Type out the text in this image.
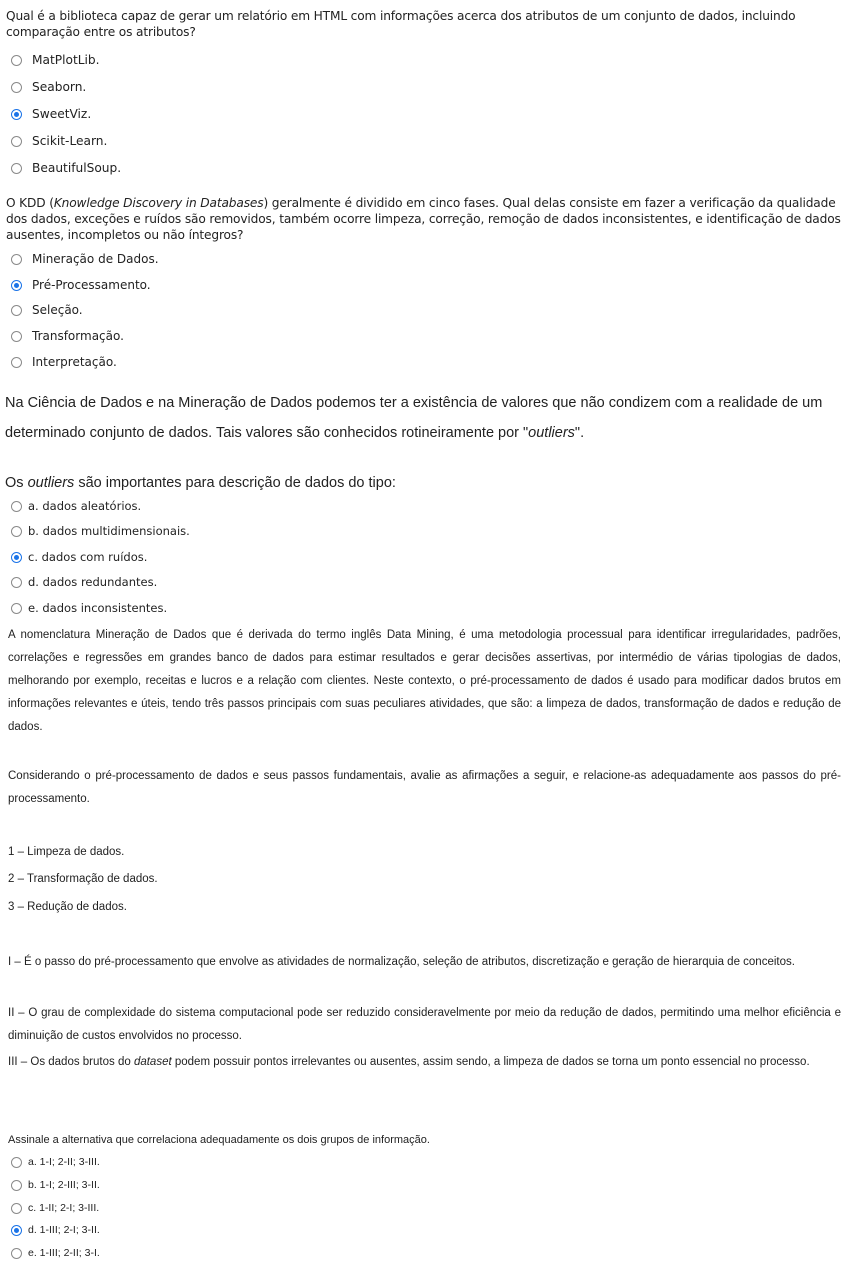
Qual é a biblioteca capaz de gerar um relatório em HTML com informações acerca dos atributos de um conjunto de dados, incluindo comparação entre os atributos?

MatPlotLib.
Seaborn.
SweetViz.
Scikit-Learn.
BeautifulSoup.

O KDD (Knowledge Discovery in Databases) geralmente é dividido em cinco fases. Qual delas consiste em fazer a verificação da qualidade dos dados, exceções e ruídos são removidos, também ocorre limpeza, correção, remoção de dados inconsistentes, e identificação de dados ausentes, incompletos ou não íntegros?

Mineração de Dados.
Pré-Processamento.
Seleção.
Transformação.
Interpretação.

Na Ciência de Dados e na Mineração de Dados podemos ter a existência de valores que não condizem com a realidade de um determinado conjunto de dados. Tais valores são conhecidos rotineiramente por "outliers".

Os outliers são importantes para descrição de dados do tipo:

a. dados aleatórios.
b. dados multidimensionais.
c. dados com ruídos.
d. dados redundantes.
e. dados inconsistentes.

A nomenclatura Mineração de Dados que é derivada do termo inglês Data Mining, é uma metodologia processual para identificar irregularidades, padrões, correlações e regressões em grandes banco de dados para estimar resultados e gerar decisões assertivas, por intermédio de várias tipologias de dados, melhorando por exemplo, receitas e lucros e a relação com clientes. Neste contexto, o pré-processamento de dados é usado para modificar dados brutos em informações relevantes e úteis, tendo três passos principais com suas peculiares atividades, que são: a limpeza de dados, transformação de dados e redução de dados.

Considerando o pré-processamento de dados e seus passos fundamentais, avalie as afirmações a seguir, e relacione-as adequadamente aos passos do pré-processamento.

1 – Limpeza de dados.

2 – Transformação de dados.

3 – Redução de dados.

I – É o passo do pré-processamento que envolve as atividades de normalização, seleção de atributos, discretização e geração de hierarquia de conceitos.

II – O grau de complexidade do sistema computacional pode ser reduzido consideravelmente por meio da redução de dados, permitindo uma melhor eficiência e diminuição de custos envolvidos no processo.

III – Os dados brutos do dataset podem possuir pontos irrelevantes ou ausentes, assim sendo, a limpeza de dados se torna um ponto essencial no processo.

Assinale a alternativa que correlaciona adequadamente os dois grupos de informação.

a. 1-I; 2-II; 3-III.
b. 1-I; 2-III; 3-II.
c. 1-II; 2-I; 3-III.
d. 1-III; 2-I; 3-II.
e. 1-III; 2-II; 3-I.
